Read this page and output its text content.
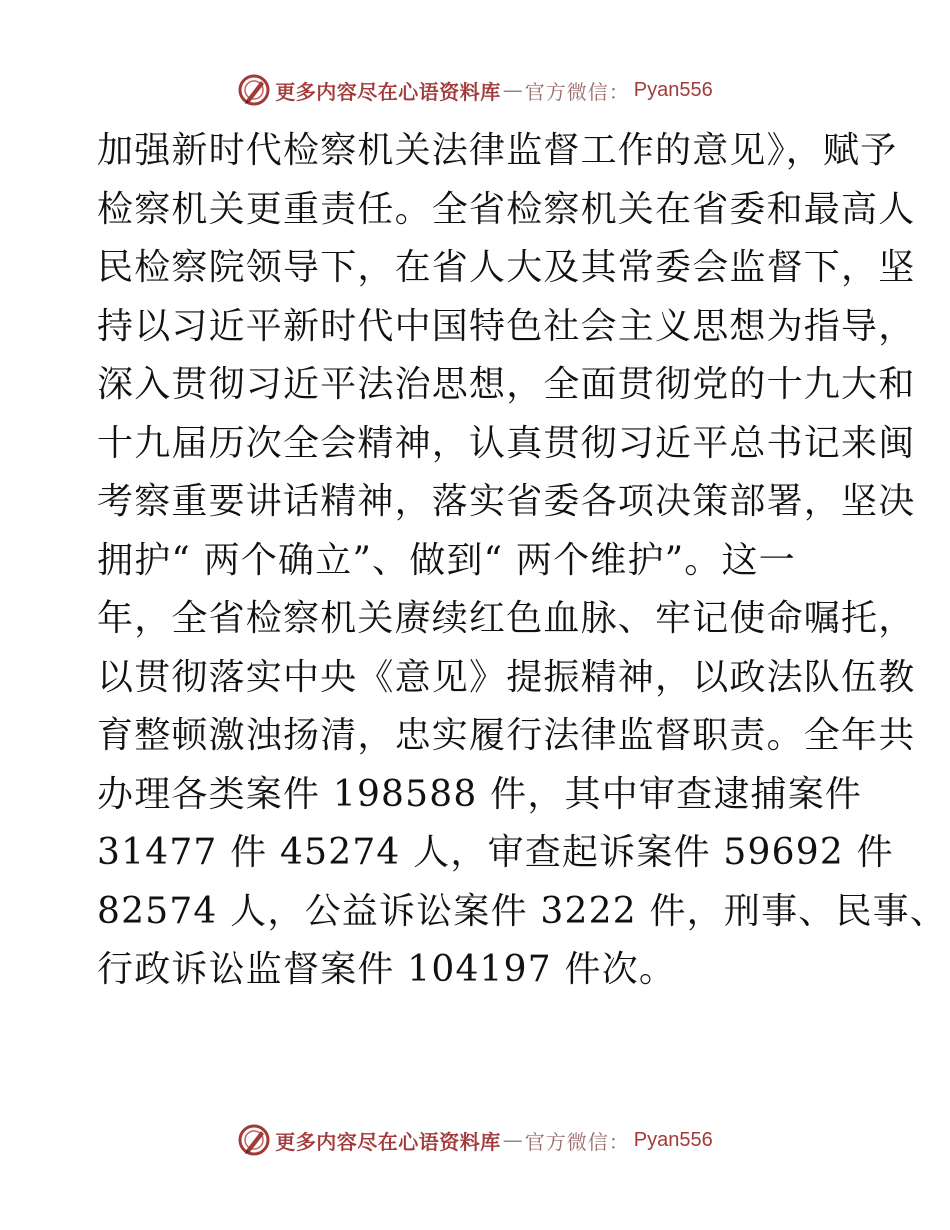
更多内容尽在心语资料库 — 官方微信： Pyan556
加强新时代检察机关法律监督工作的意见》，赋予
检察机关更重责任。全省检察机关在省委和最高人
民检察院领导下，在省人大及其常委会监督下，坚
持以习近平新时代中国特色社会主义思想为指导，
深入贯彻习近平法治思想，全面贯彻党的十九大和
十九届历次全会精神，认真贯彻习近平总书记来闽
考察重要讲话精神，落实省委各项决策部署，坚决
拥护“ 两个确立”、做到“ 两个维护”。这一
年，全省检察机关赓续红色血脉、牢记使命嘱托，
以贯彻落实中央《意见》提振精神，以政法队伍教
育整顿激浊扬清，忠实履行法律监督职责。全年共
办理各类案件 198588 件，其中审查逮捕案件
31477 件 45274 人，审查起诉案件 59692 件
82574 人，公益诉讼案件 3222 件，刑事、民事、
行政诉讼监督案件 104197 件次。
更多内容尽在心语资料库 — 官方微信： Pyan556
